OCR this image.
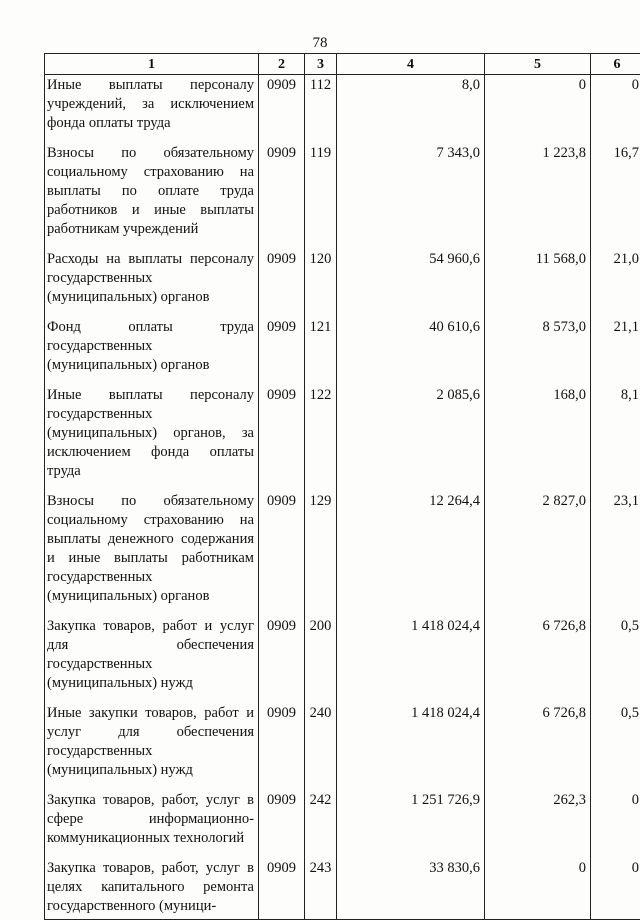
78
1	2	3	4	5	6
Иные выплаты персоналу учреждений, за исключением фонда оплаты труда	0909	112	8,0	0	0
Взносы по обязательному социальному страхованию на выплаты по оплате труда работников и иные выплаты работникам учреждений	0909	119	7 343,0	1 223,8	16,7
Расходы на выплаты персоналу государственных (муниципальных) органов	0909	120	54 960,6	11 568,0	21,0
Фонд оплаты труда государственных (муниципальных) органов	0909	121	40 610,6	8 573,0	21,1
Иные выплаты персоналу государственных (муниципальных) органов, за исключением фонда оплаты труда	0909	122	2 085,6	168,0	8,1
Взносы по обязательному социальному страхованию на выплаты денежного содержания и иные выплаты работникам государственных (муниципальных) органов	0909	129	12 264,4	2 827,0	23,1
Закупка товаров, работ и услуг для обеспечения государственных (муниципальных) нужд	0909	200	1 418 024,4	6 726,8	0,5
Иные закупки товаров, работ и услуг для обеспечения государственных (муниципальных) нужд	0909	240	1 418 024,4	6 726,8	0,5
Закупка товаров, работ, услуг в сфере информационно-коммуникационных технологий	0909	242	1 251 726,9	262,3	0
Закупка товаров, работ, услуг в целях капитального ремонта государственного (муници-	0909	243	33 830,6	0	0
